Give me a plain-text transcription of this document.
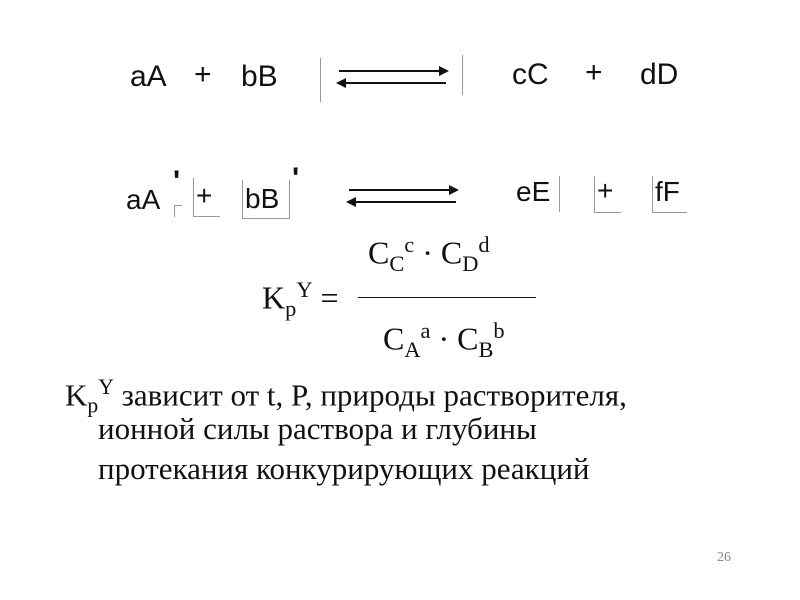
aA + bB	cC + dD
aA
' + bB
'	eE + fF
$C_C^c \cdot C_D^d$
$K_p^Y$ =
$C_A^a \cdot C_B^b$
$K_p^Y$ зависит от t, P, природы растворителя,
ионной силы раствора и глубины
протекания конкурирующих реакций
26
